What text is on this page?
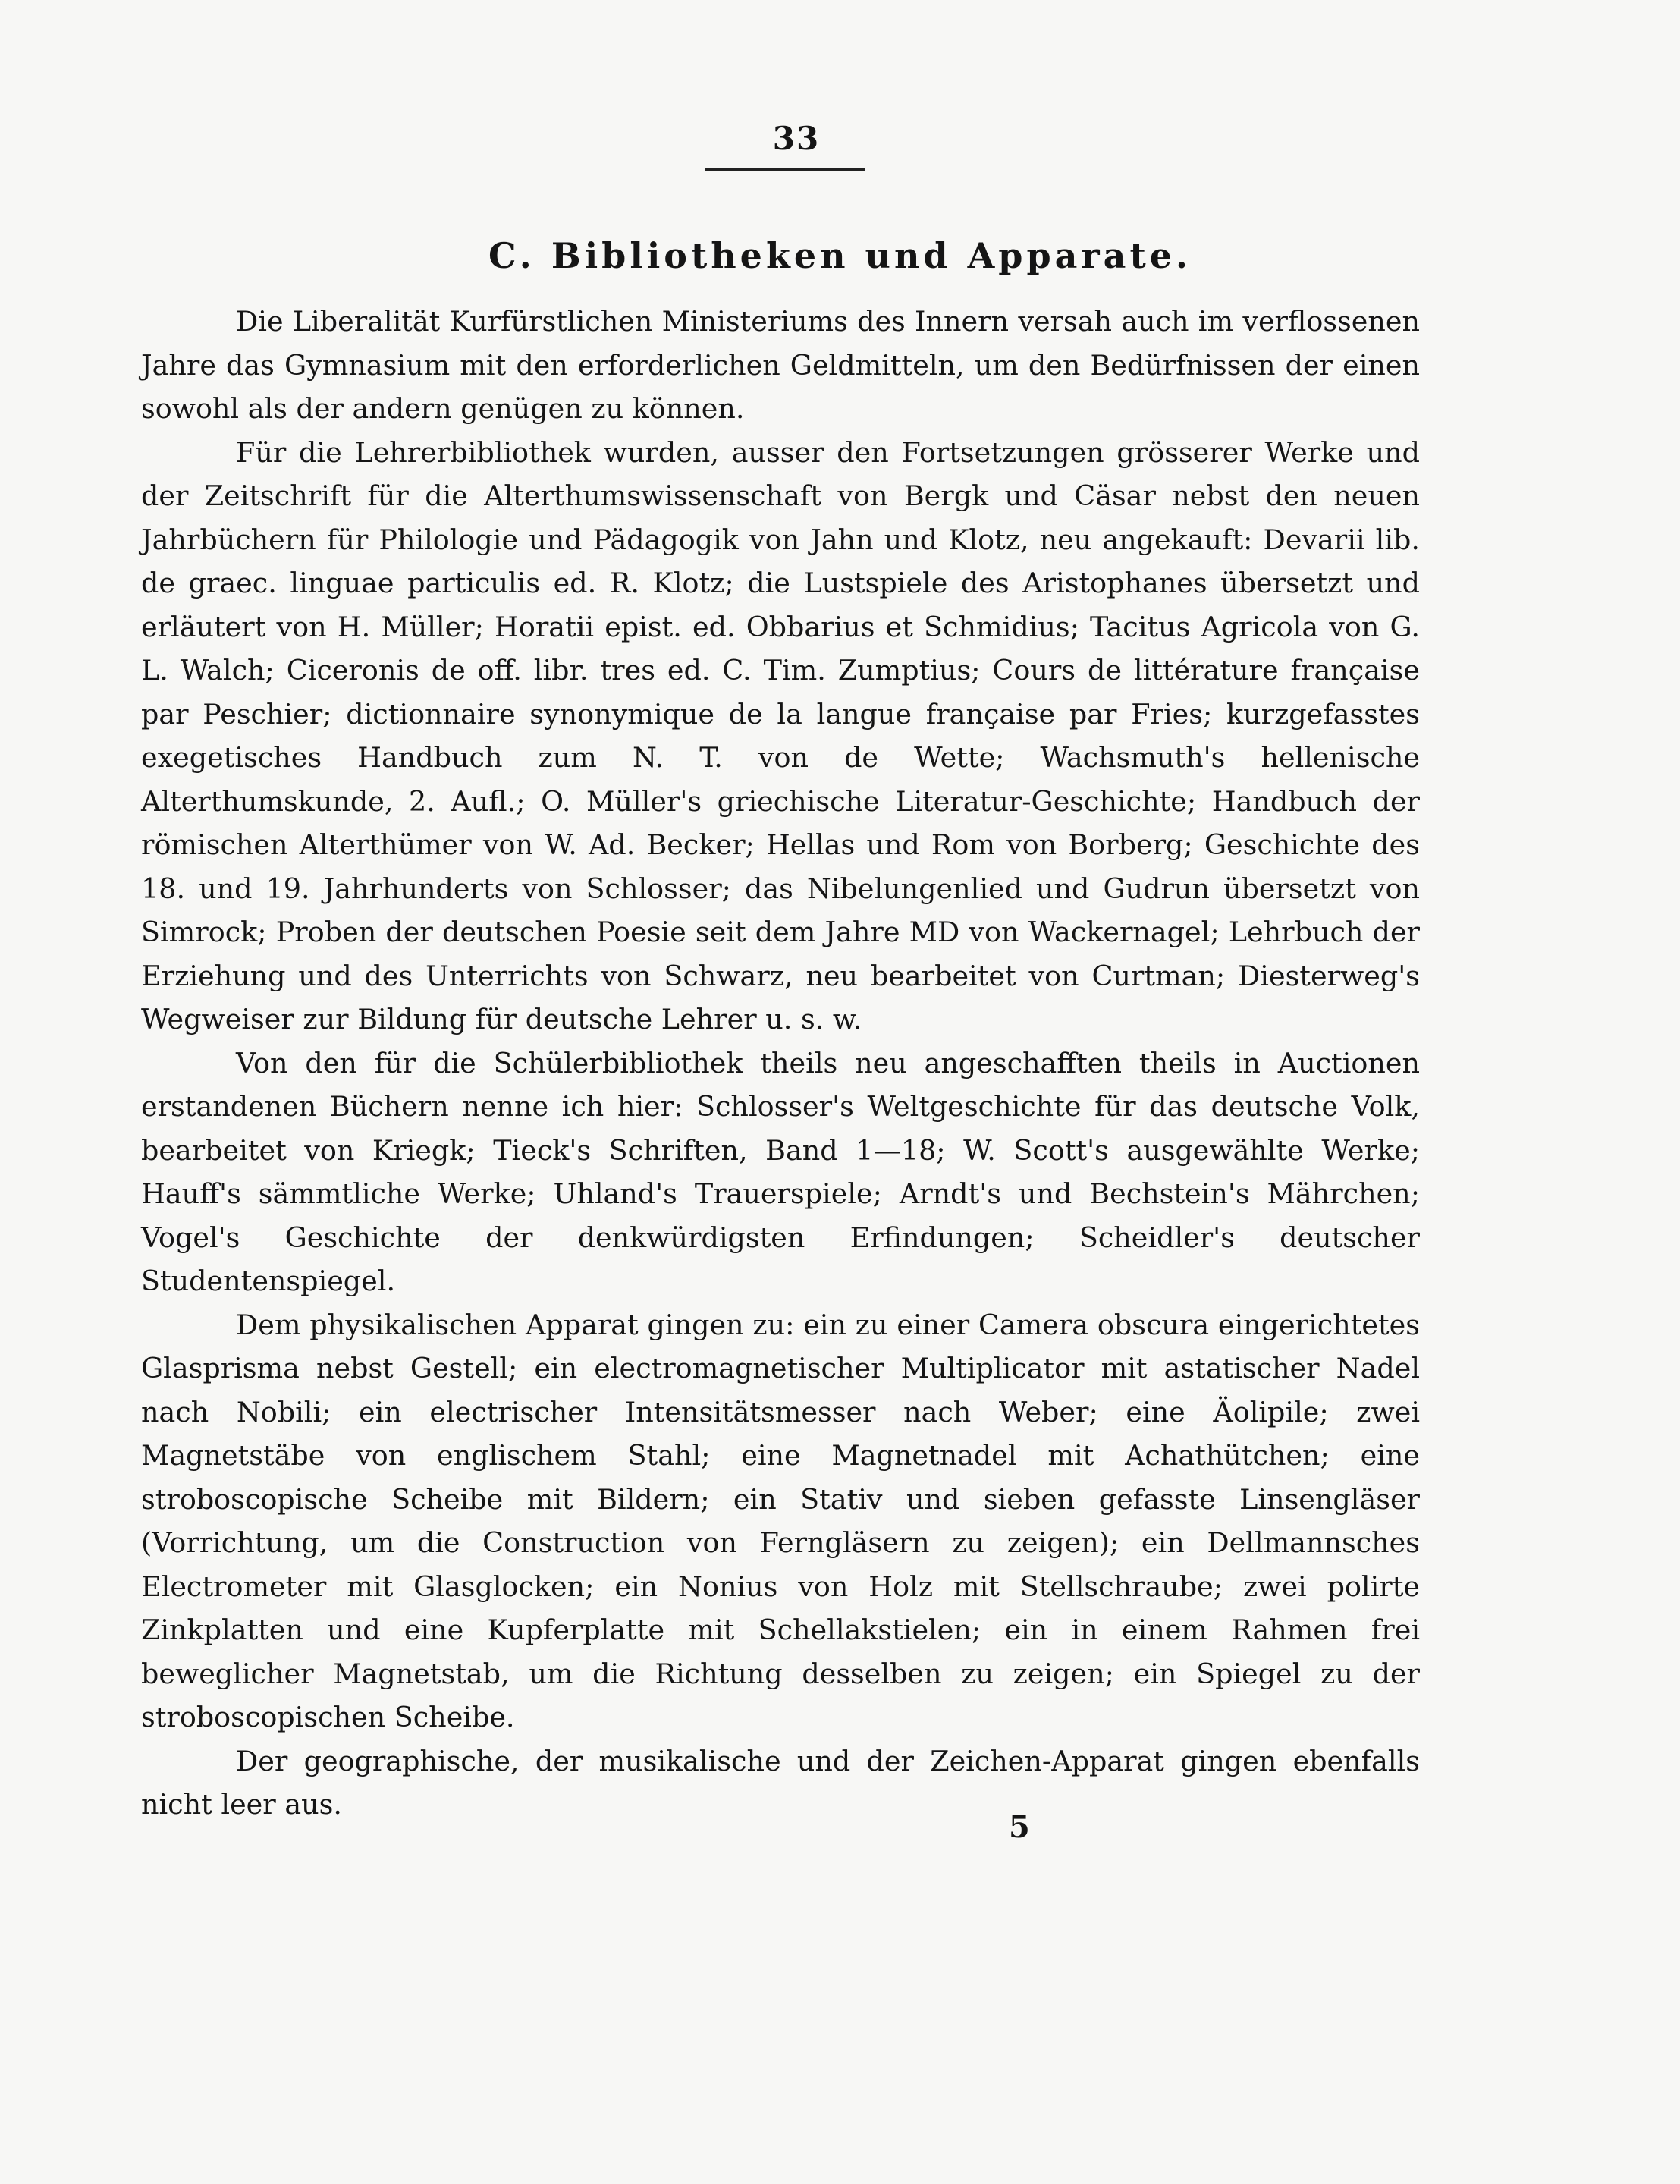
33
C. Bibliotheken und Apparate.

Die Liberalität Kurfürstlichen Ministeriums des Innern versah auch im verflossenen Jahre das Gymnasium mit den erforderlichen Geldmitteln, um den Bedürfnissen der einen sowohl als der andern genügen zu können.

Für die Lehrerbibliothek wurden, ausser den Fortsetzungen grösserer Werke und der Zeitschrift für die Alterthumswissenschaft von Bergk und Cäsar nebst den neuen Jahrbüchern für Philologie und Pädagogik von Jahn und Klotz, neu angekauft: Devarii lib. de graec. linguae particulis ed. R. Klotz; die Lustspiele des Aristophanes übersetzt und erläutert von H. Müller; Horatii epist. ed. Obbarius et Schmidius; Tacitus Agricola von G. L. Walch; Ciceronis de off. libr. tres ed. C. Tim. Zumptius; Cours de littérature française par Peschier; dictionnaire synonymique de la langue française par Fries; kurzgefasstes exegetisches Handbuch zum N. T. von de Wette; Wachsmuth's hellenische Alterthumskunde, 2. Aufl.; O. Müller's griechische Literatur-Geschichte; Handbuch der römischen Alterthümer von W. Ad. Becker; Hellas und Rom von Borberg; Geschichte des 18. und 19. Jahrhunderts von Schlosser; das Nibelungenlied und Gudrun übersetzt von Simrock; Proben der deutschen Poesie seit dem Jahre MD von Wackernagel; Lehrbuch der Erziehung und des Unterrichts von Schwarz, neu bearbeitet von Curtman; Diesterweg's Wegweiser zur Bildung für deutsche Lehrer u. s. w.

Von den für die Schülerbibliothek theils neu angeschafften theils in Auctionen erstandenen Büchern nenne ich hier: Schlosser's Weltgeschichte für das deutsche Volk, bearbeitet von Kriegk; Tieck's Schriften, Band 1—18; W. Scott's ausgewählte Werke; Hauff's sämmtliche Werke; Uhland's Trauerspiele; Arndt's und Bechstein's Mährchen; Vogel's Geschichte der denkwürdigsten Erfindungen; Scheidler's deutscher Studentenspiegel.

Dem physikalischen Apparat gingen zu: ein zu einer Camera obscura eingerichtetes Glasprisma nebst Gestell; ein electromagnetischer Multiplicator mit astatischer Nadel nach Nobili; ein electrischer Intensitätsmesser nach Weber; eine Äolipile; zwei Magnetstäbe von englischem Stahl; eine Magnetnadel mit Achathütchen; eine stroboscopische Scheibe mit Bildern; ein Stativ und sieben gefasste Linsengläser (Vorrichtung, um die Construction von Ferngläsern zu zeigen); ein Dellmannsches Electrometer mit Glasglocken; ein Nonius von Holz mit Stellschraube; zwei polirte Zinkplatten und eine Kupferplatte mit Schellakstielen; ein in einem Rahmen frei beweglicher Magnetstab, um die Richtung desselben zu zeigen; ein Spiegel zu der stroboscopischen Scheibe.

Der geographische, der musikalische und der Zeichen-Apparat gingen ebenfalls nicht leer aus.

5
